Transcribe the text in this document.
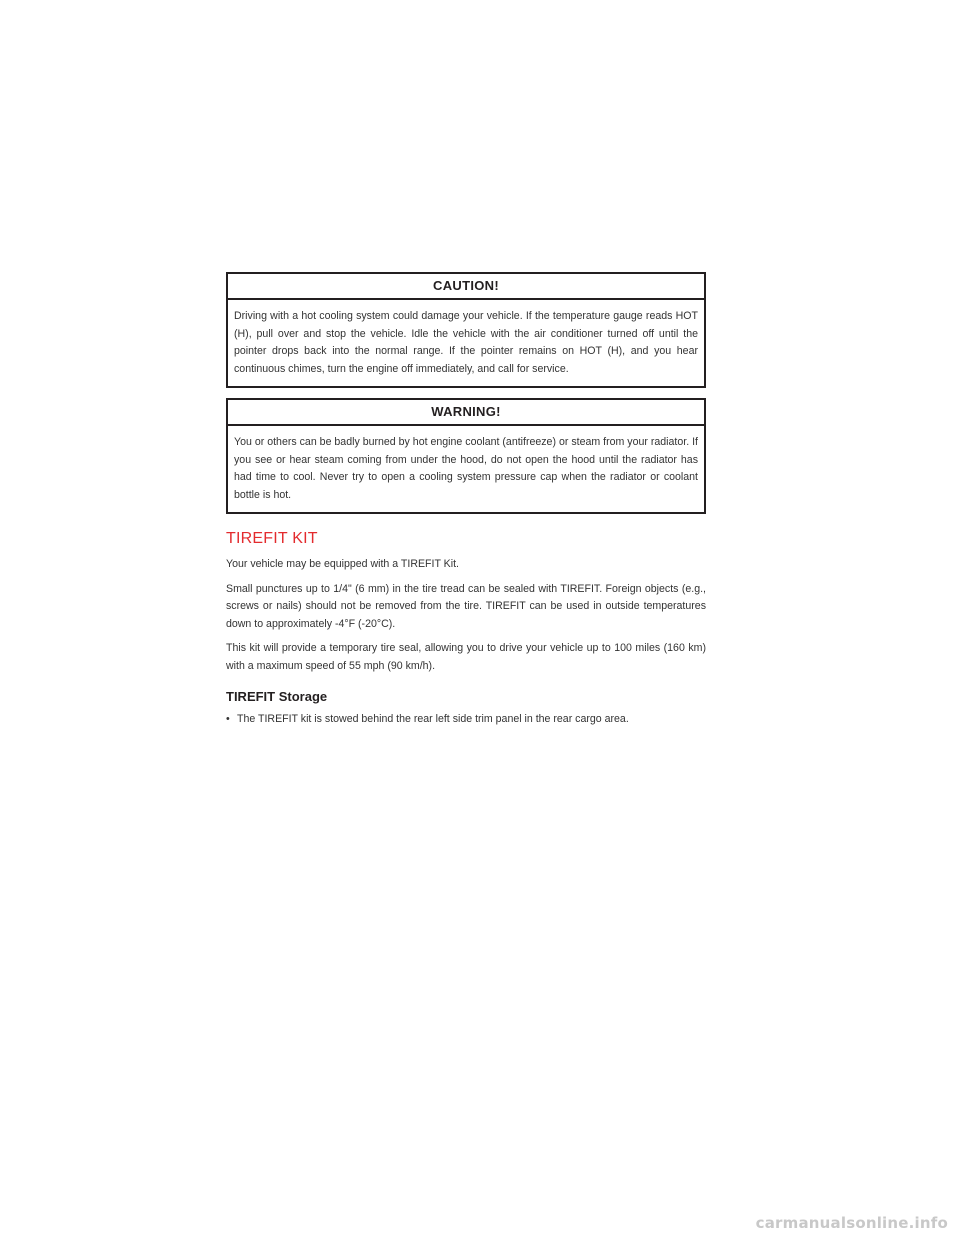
CAUTION!
Driving with a hot cooling system could damage your vehicle. If the temperature gauge reads HOT (H), pull over and stop the vehicle. Idle the vehicle with the air conditioner turned off until the pointer drops back into the normal range. If the pointer remains on HOT (H), and you hear continuous chimes, turn the engine off immediately, and call for service.
WARNING!
You or others can be badly burned by hot engine coolant (antifreeze) or steam from your radiator. If you see or hear steam coming from under the hood, do not open the hood until the radiator has had time to cool. Never try to open a cooling system pressure cap when the radiator or coolant bottle is hot.
TIREFIT KIT

Your vehicle may be equipped with a TIREFIT Kit.

Small punctures up to 1/4" (6 mm) in the tire tread can be sealed with TIREFIT. Foreign objects (e.g., screws or nails) should not be removed from the tire. TIREFIT can be used in outside temperatures down to approximately -4°F (-20°C).

This kit will provide a temporary tire seal, allowing you to drive your vehicle up to 100 miles (160 km) with a maximum speed of 55 mph (90 km/h).

TIREFIT Storage
• The TIREFIT kit is stowed behind the rear left side trim panel in the rear cargo area.
carmanualsonline.info
